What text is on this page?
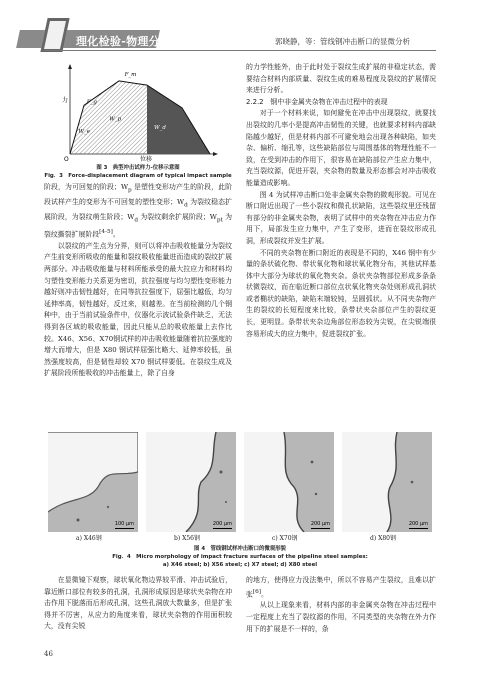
理化检验-物理分册	郭晓静，等：管线钢冲击断口的显微分析
F_g
F_m
W_e
W_p
W_d
力
O	位移
图 3　典型冲击试样力-位移示意图
Fig．3　Force-displacement diagram of typical impact sample

阶段，为可回复的阶段；$W_p$ 是塑性变形功产生的阶段，此阶段试样产生的变形为不可回复的塑性变形；$W_d$ 为裂纹稳态扩展阶段，为裂纹萌生阶段；$W_d$ 为裂纹剩余扩展阶段；$W_{pt}$ 为裂纹撕裂扩展阶段[4-5]。

以裂纹的产生点为分界，则可以将冲击吸收能量分为裂纹产生前变形所吸收的能量和裂纹吸收能量进而造成的裂纹扩展两部分。冲击吸收能量与材料所能承受的最大拉应力和材料均匀塑性变形能力关系更为密切，抗拉强度与均匀塑性变形能力越好则冲击韧性越好，在同等抗拉强度下，屈强比越低，均匀延伸率高，韧性越好，反过来，则越差。在当前检测的几个钢种中，由于当前试验条件中，仪器化示波试验条件缺乏，无法得到各区域的吸收能量，因此只能从总的吸收能量上去作比较。X46、X56、X70钢试样的冲击吸收能量随着抗拉强度的增大而增大，但是 X80 钢试样屈强比略大、延伸率较低，虽然强度较高，但是韧性却较 X70 钢试样要低。在裂纹生成及扩展阶段所能吸收的冲击能量上，除了自身

的力学性能外，由于此时处于裂纹生成扩展的非稳定状态，需要结合材料内部质量、裂纹生成的难易程度及裂纹的扩展情况来进行分析。

2.2.2　钢中非金属夹杂物在冲击过程中的表现

对于一个材料来说，如何避免在冲击中出现裂纹，就要找出裂纹的几率小是提高冲击韧性的关键，也就要求材料内部缺陷越少越好，但是材料内部不可避免地会出现各种缺陷，如夹杂、偏析、缩孔等，这些缺陷部位与周围基体的物理性能不一致，在受到冲击的作用下，很容易在缺陷部位产生应力集中，充当裂纹源，促进开裂，夹杂物的数量及形态都会对冲击吸收能量造成影响。

图 4 为试样冲击断口处非金属夹杂物的微观形貌。可见在断口附近出现了一些小裂纹和微孔状缺陷，这些裂纹里还残留有部分的非金属夹杂物，表明了试样中的夹杂物在冲击应力作用下，局部发生应力集中，产生了变形，进而在裂纹形成孔洞，形成裂纹并发生扩展。

不同的夹杂物在断口附近的表现是不同的，X46 钢中有少量的条状硫化物、带状氧化物和球状氧化物分布，其他试样基体中大部分为球状的氧化物夹杂。条状夹杂物部位形成多条条状微裂纹，而在临近断口部位点状氧化物夹杂处则形成孔洞状或者椭状的缺陷，缺陷末端较钝，呈圆弧状。从不同夹杂物产生的裂纹的长短程度来比较，条带状夹杂部位产生的裂纹更长，更明显。条带状夹杂边角部位形态较为尖锐，在尖锐端很容易形成大的应力集中，促进裂纹扩张。

100 μm	200 μm	200 μm	200 μm
a) X46钢	b) X56钢	c) X70钢	d) X80钢
图 4　管线钢试样冲击断口的微观形貌
Fig．4　Micro morphology of impact fracture surfaces of the pipeline steel samples:
a) X46 steel; b) X56 steel; c) X7 steel; d) X80 steel

在显微镜下观察，球状氧化物边界较平滑、冲击试验后，靠近断口部位有较多的孔洞，孔洞形成原因是球状夹杂物在冲击作用下脱落而后形成孔洞，这些孔洞放大数量多，但是扩张得并不厉害，从应力的角度来看，球状夹杂物的作用面积较大，没有尖锐

的地方，使得应力没法集中，所以不容易产生裂纹，且难以扩张[6]。

从以上现象来看，材料内部的非金属夹杂物在冲击过程中一定程度上充当了裂纹源的作用，不同类型的夹杂物在外力作用下的扩展是不一样的，条

46
